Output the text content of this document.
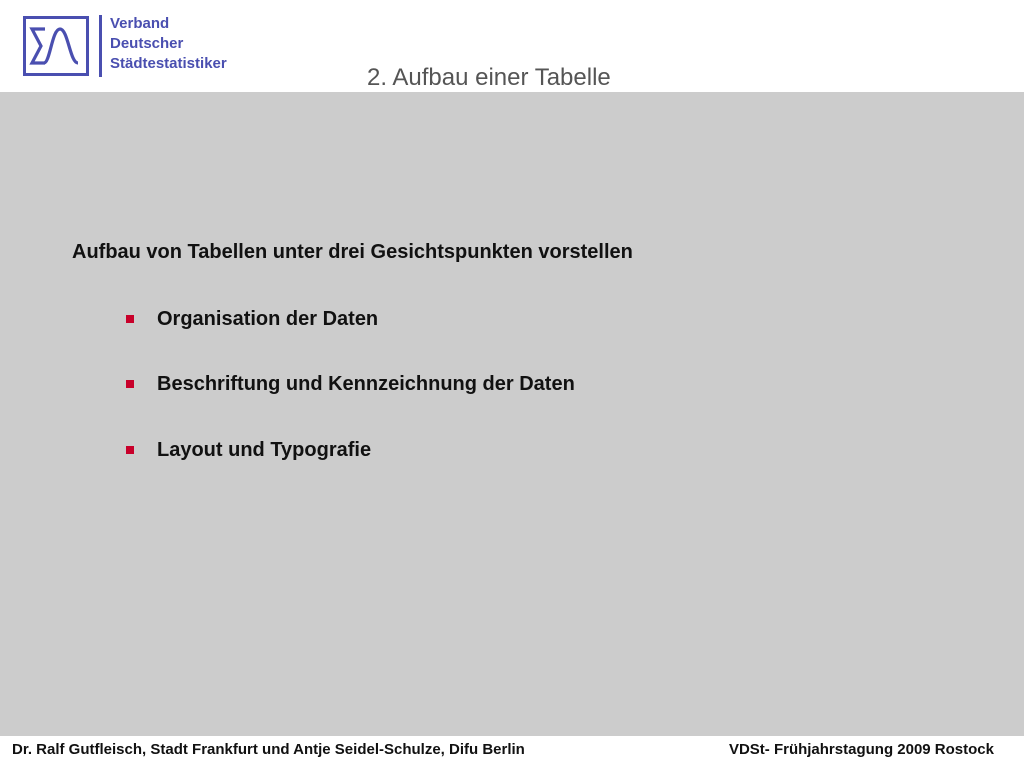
Verband
Deutscher
Städtestatistiker
2. Aufbau einer Tabelle
Aufbau von Tabellen unter drei Gesichtspunkten vorstellen
Organisation der Daten
Beschriftung und Kennzeichnung der Daten
Layout und Typografie
Dr. Ralf Gutfleisch, Stadt Frankfurt und Antje Seidel-Schulze, Difu Berlin	VDSt- Frühjahrstagung 2009 Rostock
